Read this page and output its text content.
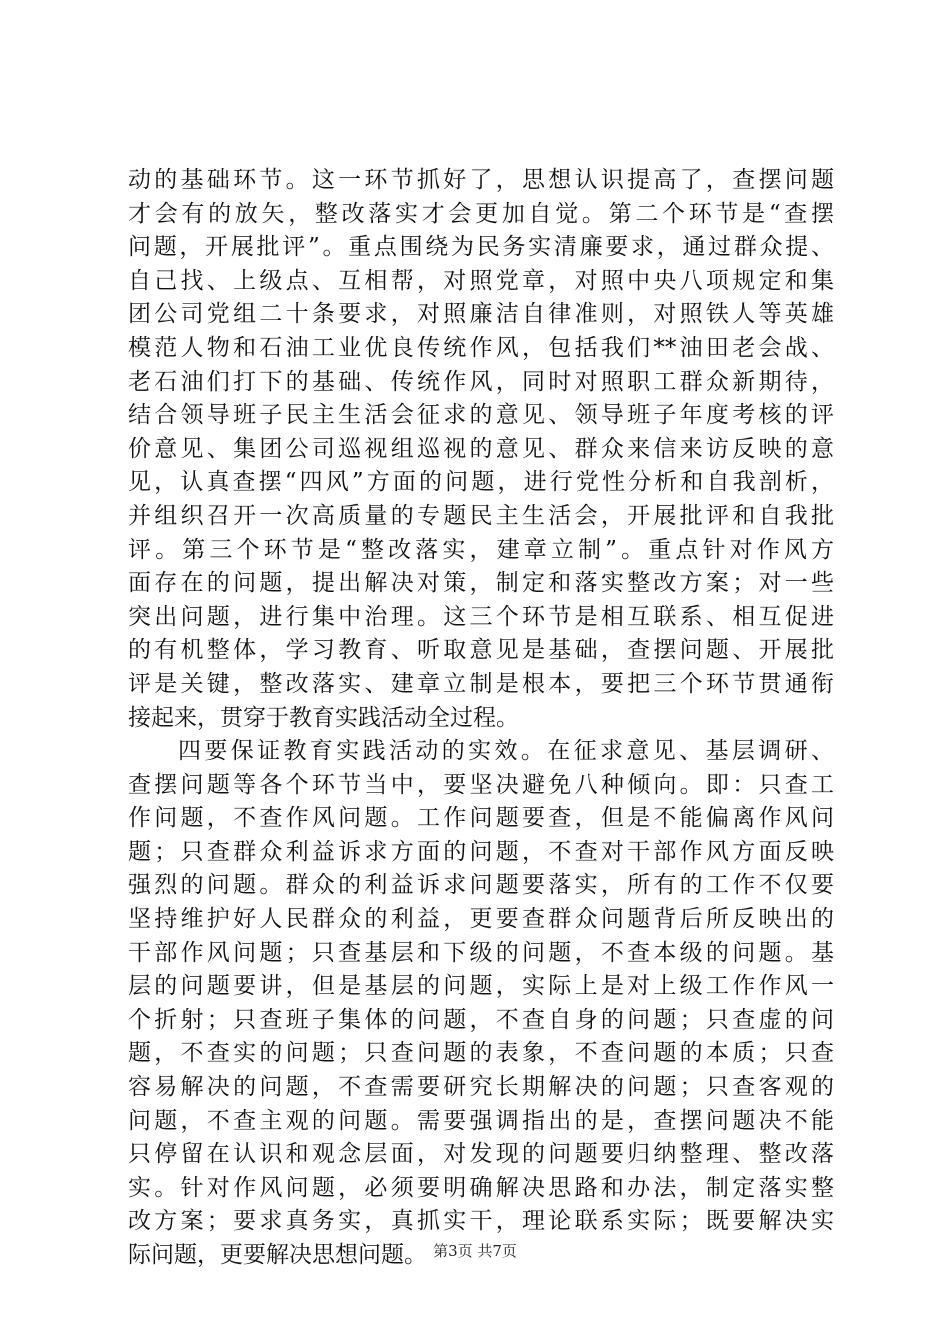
动的基础环节。这一环节抓好了，思想认识提高了，查摆问题
才会有的放矢，整改落实才会更加自觉。第二个环节是“查摆
问题，开展批评”。重点围绕为民务实清廉要求，通过群众提、
自己找、上级点、互相帮，对照党章，对照中央八项规定和集
团公司党组二十条要求，对照廉洁自律准则，对照铁人等英雄
模范人物和石油工业优良传统作风，包括我们**油田老会战、
老石油们打下的基础、传统作风，同时对照职工群众新期待，
结合领导班子民主生活会征求的意见、领导班子年度考核的评
价意见、集团公司巡视组巡视的意见、群众来信来访反映的意
见，认真查摆“四风”方面的问题，进行党性分析和自我剖析，
并组织召开一次高质量的专题民主生活会，开展批评和自我批
评。第三个环节是“整改落实，建章立制”。重点针对作风方
面存在的问题，提出解决对策，制定和落实整改方案；对一些
突出问题，进行集中治理。这三个环节是相互联系、相互促进
的有机整体，学习教育、听取意见是基础，查摆问题、开展批
评是关键，整改落实、建章立制是根本，要把三个环节贯通衔
接起来，贯穿于教育实践活动全过程。
四要保证教育实践活动的实效。在征求意见、基层调研、
查摆问题等各个环节当中，要坚决避免八种倾向。即：只查工
作问题，不查作风问题。工作问题要查，但是不能偏离作风问
题；只查群众利益诉求方面的问题，不查对干部作风方面反映
强烈的问题。群众的利益诉求问题要落实，所有的工作不仅要
坚持维护好人民群众的利益，更要查群众问题背后所反映出的
干部作风问题；只查基层和下级的问题，不查本级的问题。基
层的问题要讲，但是基层的问题，实际上是对上级工作作风一
个折射；只查班子集体的问题，不查自身的问题；只查虚的问
题，不查实的问题；只查问题的表象，不查问题的本质；只查
容易解决的问题，不查需要研究长期解决的问题；只查客观的
问题，不查主观的问题。需要强调指出的是，查摆问题决不能
只停留在认识和观念层面，对发现的问题要归纳整理、整改落
实。针对作风问题，必须要明确解决思路和办法，制定落实整
改方案；要求真务实，真抓实干，理论联系实际；既要解决实
际问题，更要解决思想问题。 第3页 共7页
